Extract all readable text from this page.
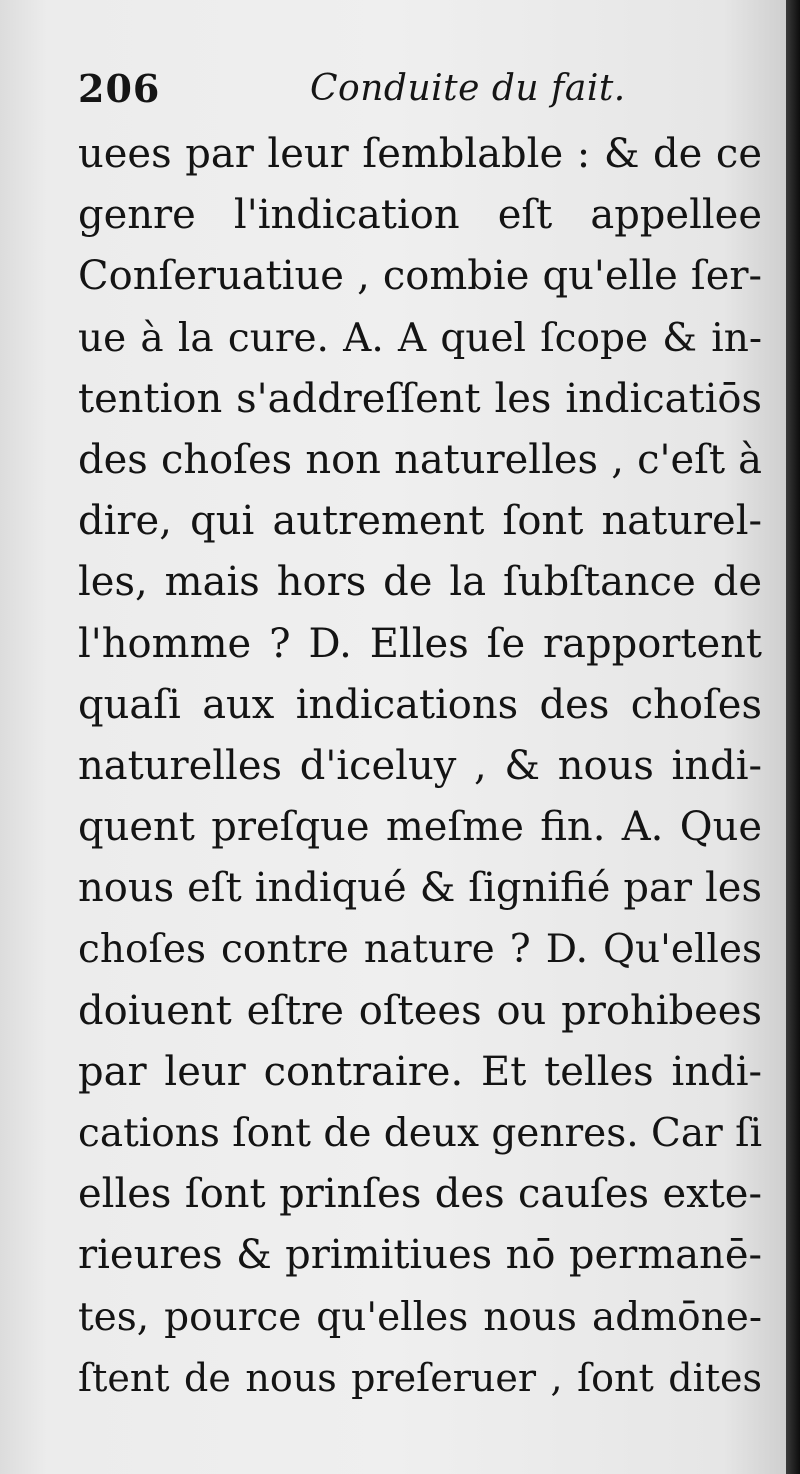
206	Conduite du fait.
uees par leur ſemblable : & de ce
genre l'indication eſt appellee
Conſeruatiue , combie qu'elle ſer-
ue à la cure. A. A quel ſcope & in-
tention s'addreſſent les indicatiōs
des choſes non naturelles , c'eſt à
dire, qui autrement ſont naturel-
les, mais hors de la ſubſtance de
l'homme ? D. Elles ſe rapportent
quaſi aux indications des choſes
naturelles d'iceluy , & nous indi-
quent preſque meſme fin. A. Que
nous eſt indiqué & ſignifié par les
choſes contre nature ? D. Qu'elles
doiuent eſtre oſtees ou prohibees
par leur contraire. Et telles indi-
cations ſont de deux genres. Car ſi
elles ſont prinſes des cauſes exte-
rieures & primitiues nō permanē-
tes, pource qu'elles nous admōne-
ſtent de nous preſeruer , ſont dites
